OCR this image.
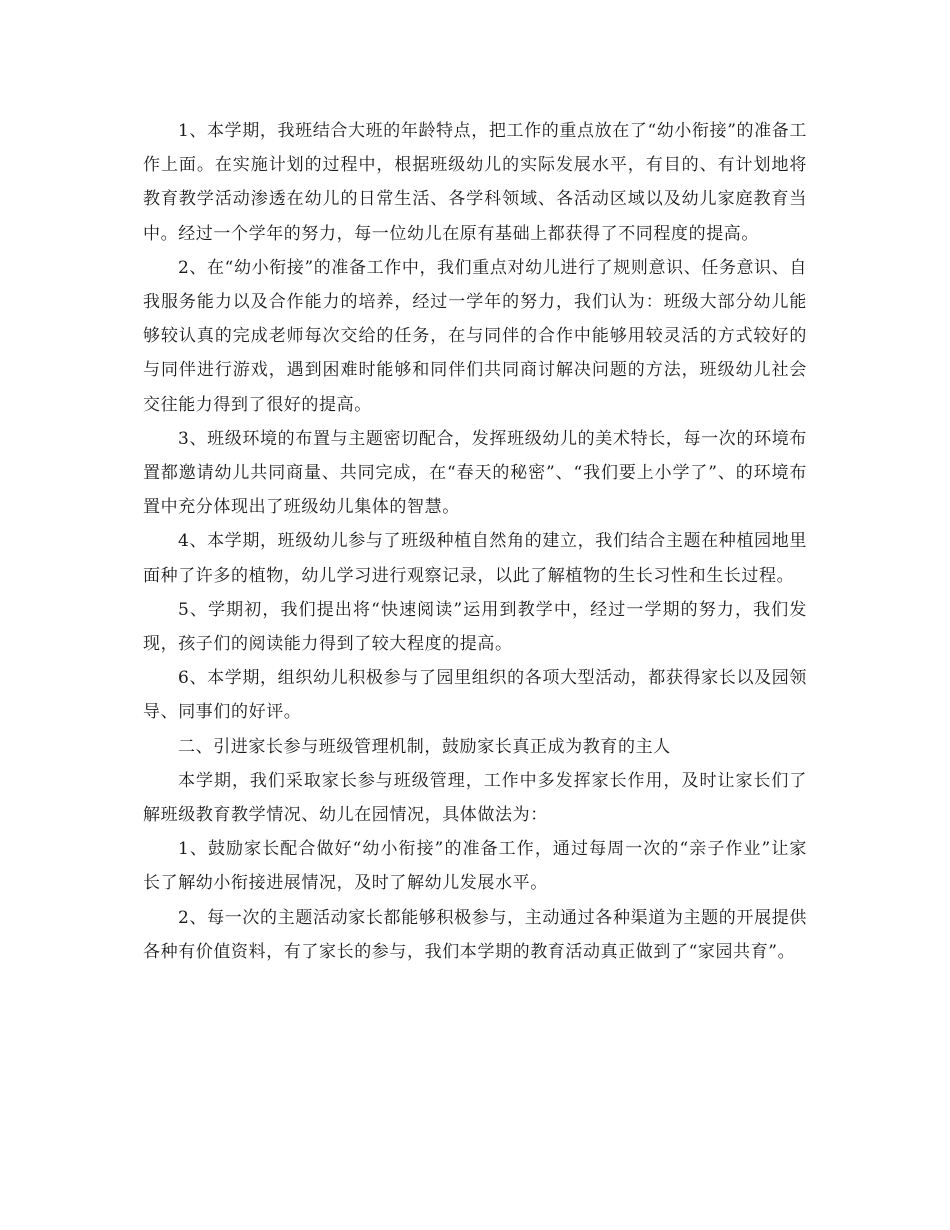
1、本学期，我班结合大班的年龄特点，把工作的重点放在了“幼小衔接”的准备工作上面。在实施计划的过程中，根据班级幼儿的实际发展水平，有目的、有计划地将教育教学活动渗透在幼儿的日常生活、各学科领域、各活动区域以及幼儿家庭教育当中。经过一个学年的努力，每一位幼儿在原有基础上都获得了不同程度的提高。

2、在“幼小衔接”的准备工作中，我们重点对幼儿进行了规则意识、任务意识、自我服务能力以及合作能力的培养，经过一学年的努力，我们认为：班级大部分幼儿能够较认真的完成老师每次交给的任务，在与同伴的合作中能够用较灵活的方式较好的与同伴进行游戏，遇到困难时能够和同伴们共同商讨解决问题的方法，班级幼儿社会交往能力得到了很好的提高。

3、班级环境的布置与主题密切配合，发挥班级幼儿的美术特长，每一次的环境布置都邀请幼儿共同商量、共同完成，在“春天的秘密”、“我们要上小学了”、的环境布置中充分体现出了班级幼儿集体的智慧。

4、本学期，班级幼儿参与了班级种植自然角的建立，我们结合主题在种植园地里面种了许多的植物，幼儿学习进行观察记录，以此了解植物的生长习性和生长过程。

5、学期初，我们提出将“快速阅读”运用到教学中，经过一学期的努力，我们发现，孩子们的阅读能力得到了较大程度的提高。

6、本学期，组织幼儿积极参与了园里组织的各项大型活动，都获得家长以及园领导、同事们的好评。

二、引进家长参与班级管理机制，鼓励家长真正成为教育的主人

本学期，我们采取家长参与班级管理，工作中多发挥家长作用，及时让家长们了解班级教育教学情况、幼儿在园情况，具体做法为：

1、鼓励家长配合做好“幼小衔接”的准备工作，通过每周一次的“亲子作业”让家长了解幼小衔接进展情况，及时了解幼儿发展水平。

2、每一次的主题活动家长都能够积极参与，主动通过各种渠道为主题的开展提供各种有价值资料，有了家长的参与，我们本学期的教育活动真正做到了“家园共育”。
